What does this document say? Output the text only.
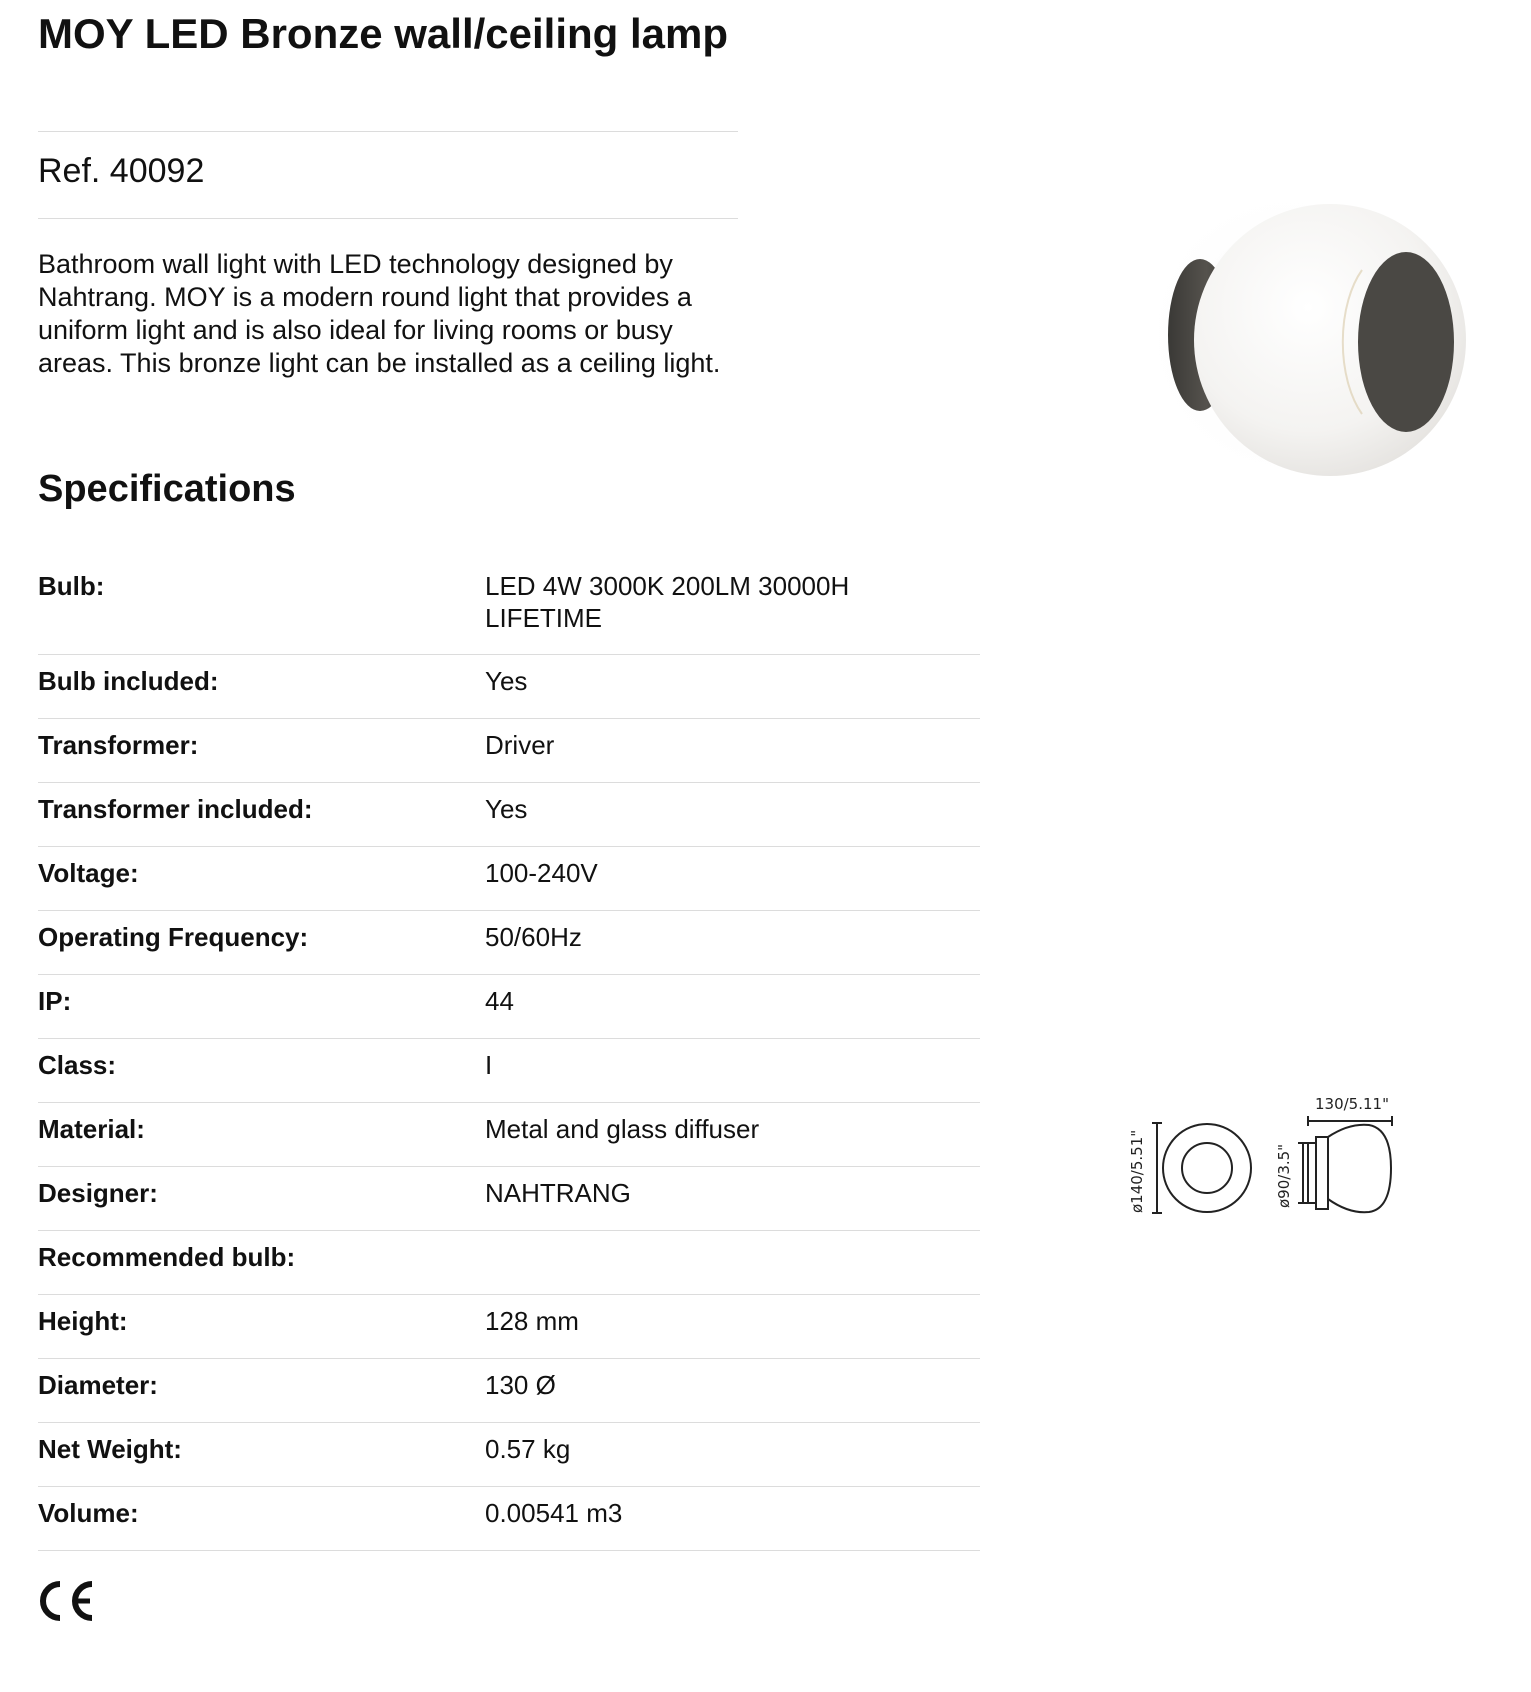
MOY LED Bronze wall/ceiling lamp

Ref. 40092

Bathroom wall light with LED technology designed by Nahtrang. MOY is a modern round light that provides a uniform light and is also ideal for living rooms or busy areas. This bronze light can be installed as a ceiling light.

Specifications
Bulb:	LED 4W 3000K 200LM 30000H LIFETIME
Bulb included:	Yes
Transformer:	Driver
Transformer included:	Yes
Voltage:	100-240V
Operating Frequency:	50/60Hz
IP:	44
Class:	I
Material:	Metal and glass diffuser
Designer:	NAHTRANG
Recommended bulb:
Height:	128 mm
Diameter:	130 Ø
Net Weight:	0.57 kg
Volume:	0.00541 m3
ø140/5.51"	ø90/3.5"
130/5.11"
